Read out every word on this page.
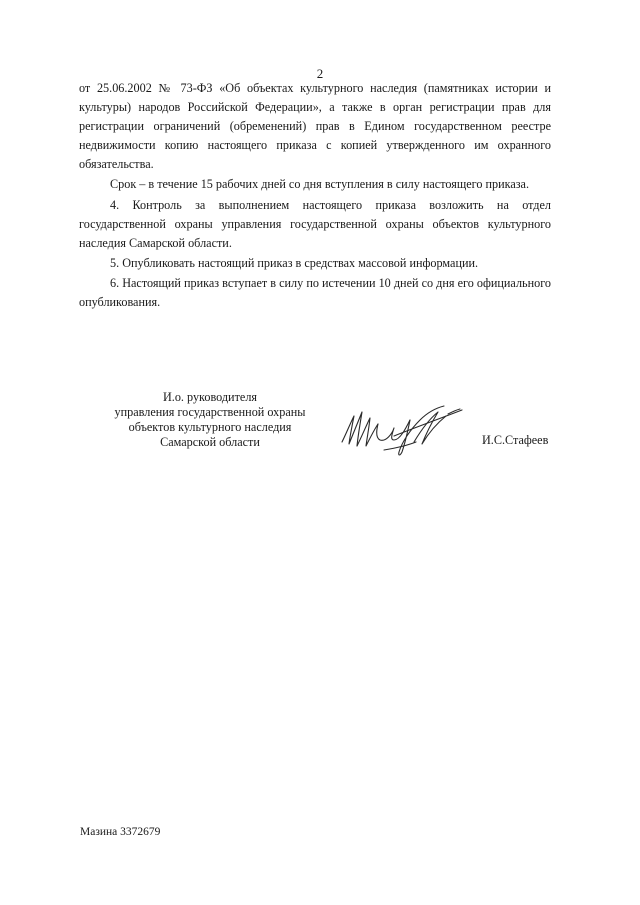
2

от 25.06.2002 № 73-ФЗ «Об объектах культурного наследия (памятниках истории и культуры) народов Российской Федерации», а также в орган регистрации прав для регистрации ограничений (обременений) прав в Едином государственном реестре недвижимости копию настоящего приказа с копией утвержденного им охранного обязательства.

Срок – в течение 15 рабочих дней со дня вступления в силу настоящего приказа.

4. Контроль за выполнением настоящего приказа возложить на отдел государственной охраны управления государственной охраны объектов культурного наследия Самарской области.

5. Опубликовать настоящий приказ в средствах массовой информации.

6. Настоящий приказ вступает в силу по истечении 10 дней со дня его официального опубликования.

И.о. руководителя
управления государственной охраны
объектов культурного наследия
Самарской области	И.С.Стафеев
Мазина 3372679
